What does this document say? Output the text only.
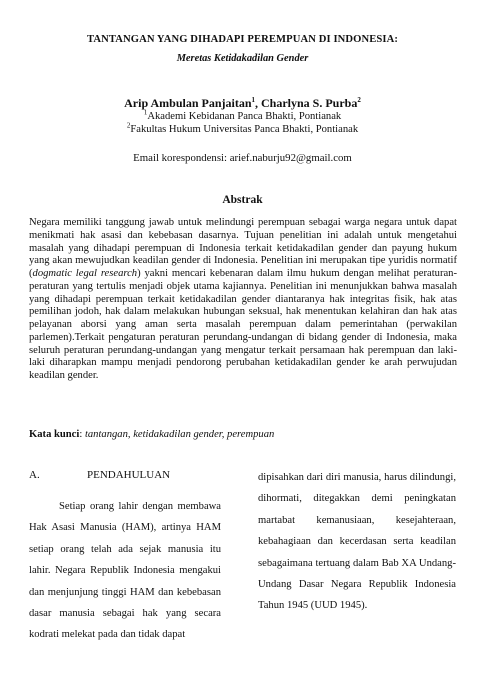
TANTANGAN YANG DIHADAPI PEREMPUAN DI INDONESIA:
Meretas Ketidakadilan Gender
Arip Ambulan Panjaitan$^1$, Charlyna S. Purba$^2$
$^1$Akademi Kebidanan Panca Bhakti, Pontianak
$^2$Fakultas Hukum Universitas Panca Bhakti, Pontianak
Email korespondensi: arief.naburju92@gmail.com
Abstrak
Negara memiliki tanggung jawab untuk melindungi perempuan sebagai warga negara untuk dapat menikmati hak asasi dan kebebasan dasarnya. Tujuan penelitian ini adalah untuk mengetahui masalah yang dihadapi perempuan di Indonesia terkait ketidakadilan gender dan payung hukum yang akan mewujudkan keadilan gender di Indonesia. Penelitian ini merupakan tipe yuridis normatif (dogmatic legal research) yakni mencari kebenaran dalam ilmu hukum dengan melihat peraturan-peraturan yang tertulis menjadi objek utama kajiannya. Penelitian ini menunjukkan bahwa masalah yang dihadapi perempuan terkait ketidakadilan gender diantaranya hak integritas fisik, hak atas pemilihan jodoh, hak dalam melakukan hubungan seksual, hak menentukan kelahiran dan hak atas pelayanan aborsi yang aman serta masalah perempuan dalam pemerintahan (perwakilan parlemen).Terkait pengaturan peraturan perundang-undangan di bidang gender di Indonesia, maka seluruh peraturan perundang-undangan yang mengatur terkait persamaan hak perempuan dan laki-laki diharapkan mampu menjadi pendorong perubahan ketidakadilan gender ke arah perwujudan keadilan gender.
Kata kunci: tantangan, ketidakadilan gender, perempuan
A.	PENDAHULUAN
Setiap orang lahir dengan membawa Hak Asasi Manusia (HAM), artinya HAM setiap orang telah ada sejak manusia itu lahir. Negara Republik Indonesia mengakui dan menjunjung tinggi HAM dan kebebasan dasar manusia sebagai hak yang secara kodrati melekat pada dan tidak dapat
dipisahkan dari diri manusia, harus dilindungi, dihormati, ditegakkan demi peningkatan martabat kemanusiaan, kesejahteraan, kebahagiaan dan kecerdasan serta keadilan sebagaimana tertuang dalam Bab XA Undang-Undang Dasar Negara Republik Indonesia Tahun 1945 (UUD 1945).
